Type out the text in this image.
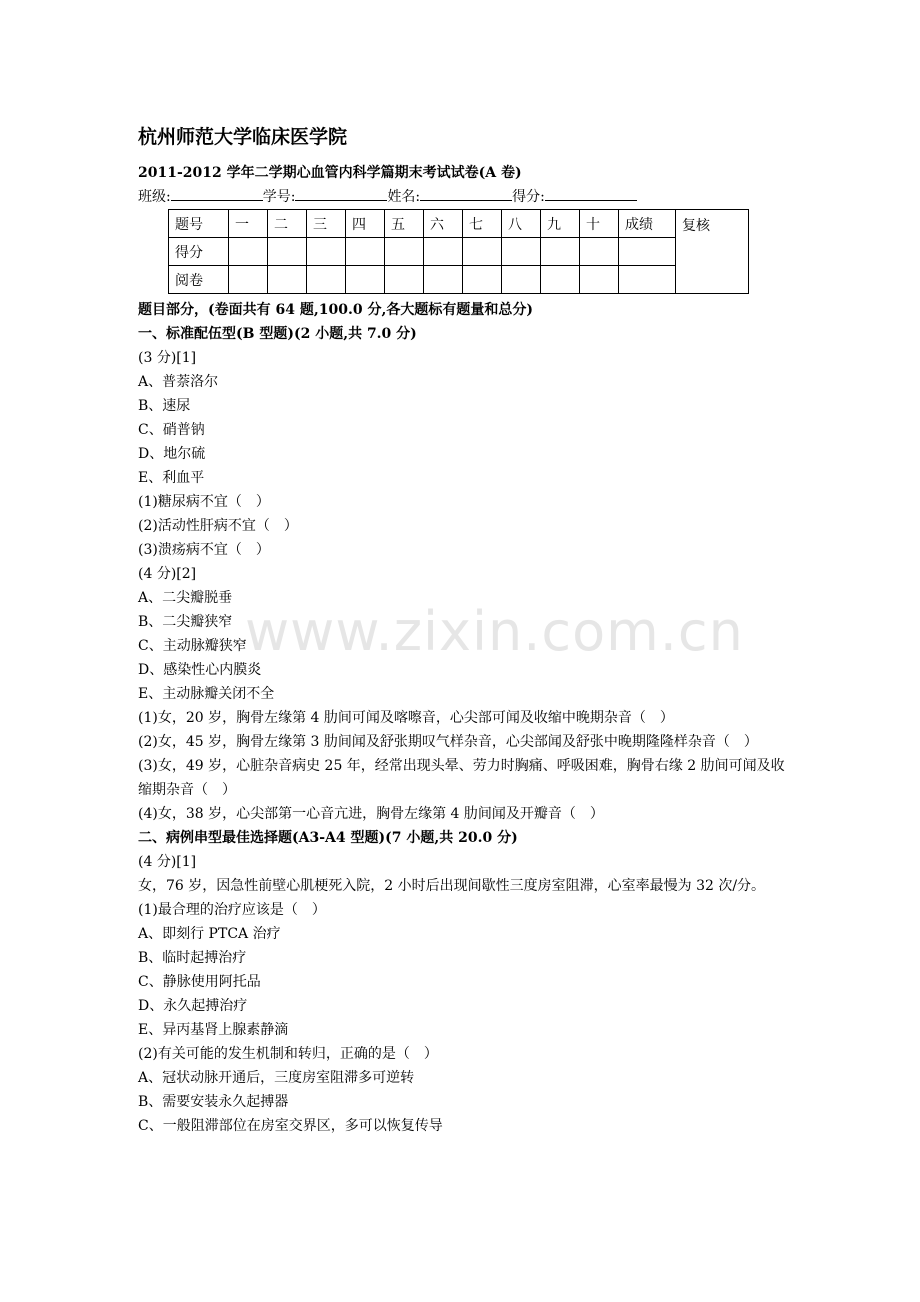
www.zixin.com.cn
杭州师范大学临床医学院
2011-2012 学年二学期心血管内科学篇期末考试试卷(A 卷)
班级:	学号:	姓名:	得分:
题号	一	二	三	四	五	六	七	八	九	十	成绩	复核
得分												
阅卷												
题目部分，(卷面共有 64 题,100.0 分,各大题标有题量和总分)
一、标准配伍型(B 型题)(2 小题,共 7.0 分)
(3 分)[1]
A、普萘洛尔
B、速尿
C、硝普钠
D、地尔硫
E、利血平
(1)糖尿病不宜（　）
(2)活动性肝病不宜（　）
(3)溃疡病不宜（　）
(4 分)[2]
A、二尖瓣脱垂
B、二尖瓣狭窄
C、主动脉瓣狭窄
D、感染性心内膜炎
E、主动脉瓣关闭不全
(1)女，20 岁，胸骨左缘第 4 肋间可闻及喀嚓音，心尖部可闻及收缩中晚期杂音（　）
(2)女，45 岁，胸骨左缘第 3 肋间闻及舒张期叹气样杂音，心尖部闻及舒张中晚期隆隆样杂音（　）
(3)女，49 岁，心脏杂音病史 25 年，经常出现头晕、劳力时胸痛、呼吸困难，胸骨右缘 2 肋间可闻及收缩期杂音（　）
(4)女，38 岁，心尖部第一心音亢进，胸骨左缘第 4 肋间闻及开瓣音（　）
二、病例串型最佳选择题(A3-A4 型题)(7 小题,共 20.0 分)
(4 分)[1]
女，76 岁，因急性前壁心肌梗死入院，2 小时后出现间歇性三度房室阻滞，心室率最慢为 32 次/分。
(1)最合理的治疗应该是（　）
A、即刻行 PTCA 治疗
B、临时起搏治疗
C、静脉使用阿托品
D、永久起搏治疗
E、异丙基肾上腺素静滴
(2)有关可能的发生机制和转归，正确的是（　）
A、冠状动脉开通后，三度房室阻滞多可逆转
B、需要安装永久起搏器
C、一般阻滞部位在房室交界区，多可以恢复传导
